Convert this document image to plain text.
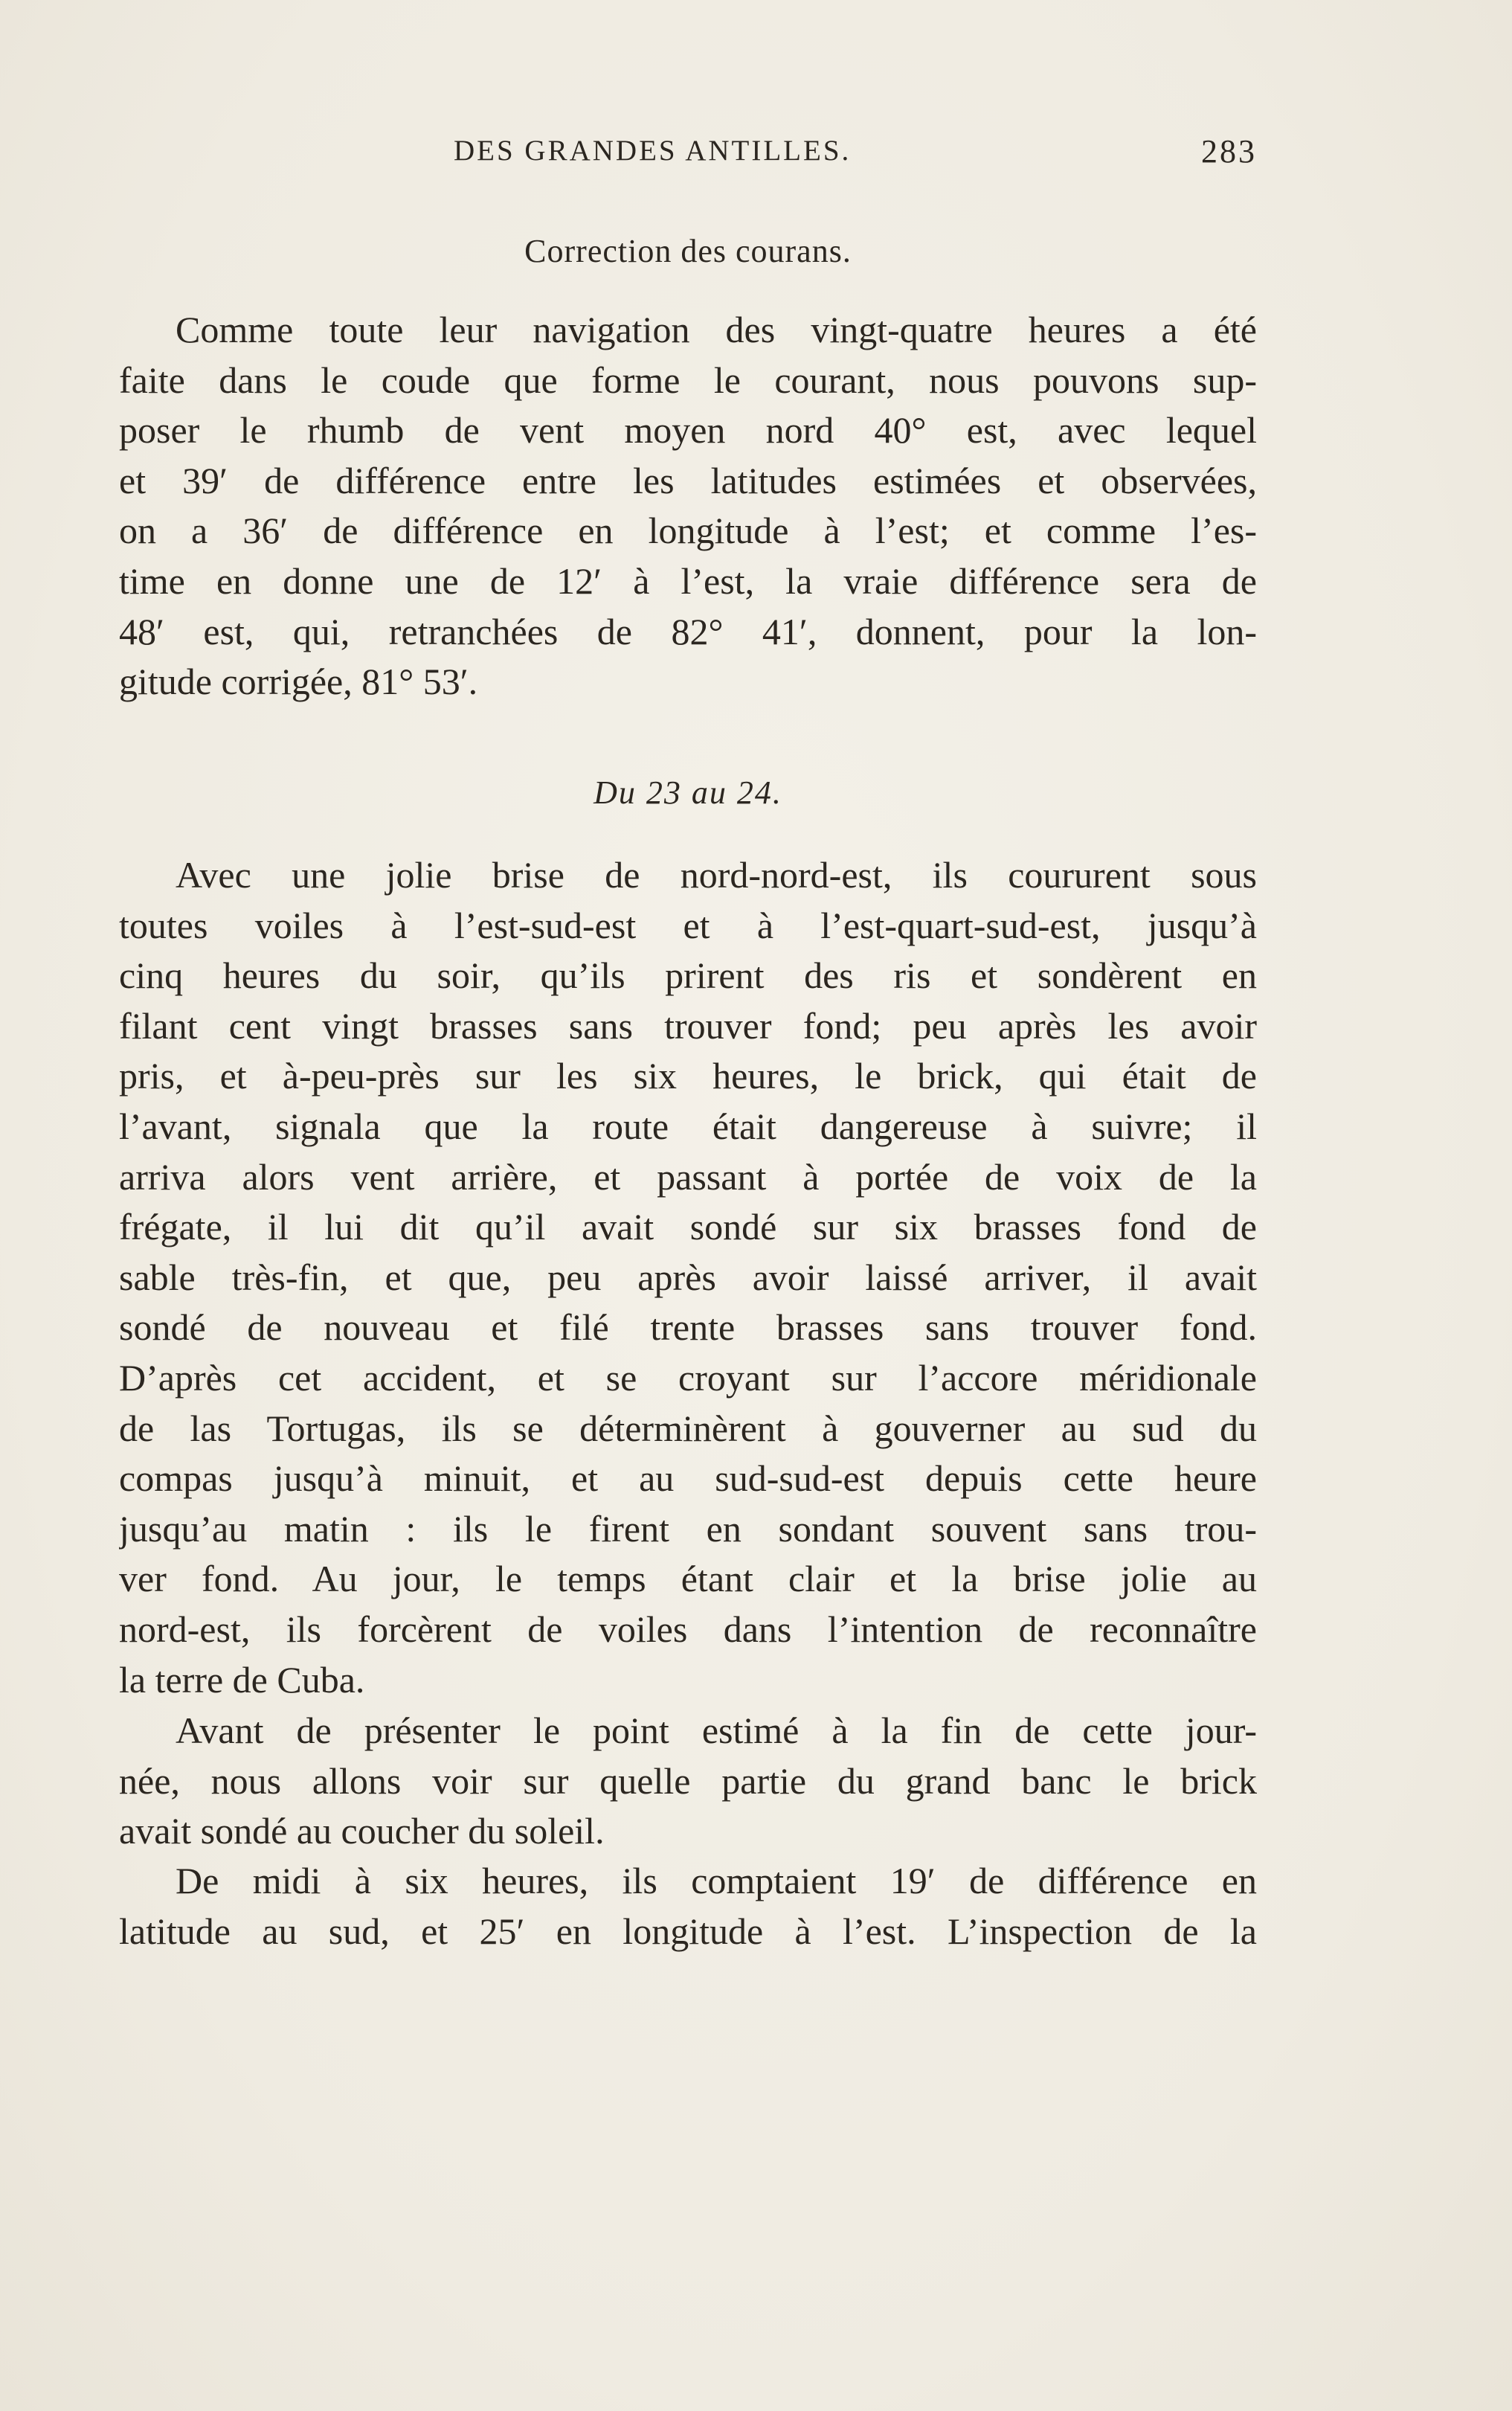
DES GRANDES ANTILLES.	283
Correction des courans.
Comme toute leur navigation des vingt-quatre heures a été
faite dans le coude que forme le courant, nous pouvons sup-
poser le rhumb de vent moyen nord 40° est, avec lequel
et 39′ de différence entre les latitudes estimées et observées,
on a 36′ de différence en longitude à l’est; et comme l’es-
time en donne une de 12′ à l’est, la vraie différence sera de
48′ est, qui, retranchées de 82° 41′, donnent, pour la lon-
gitude corrigée, 81° 53′.
Du 23 au 24.
Avec une jolie brise de nord-nord-est, ils coururent sous
toutes voiles à l’est-sud-est et à l’est-quart-sud-est, jusqu’à
cinq heures du soir, qu’ils prirent des ris et sondèrent en
filant cent vingt brasses sans trouver fond; peu après les avoir
pris, et à-peu-près sur les six heures, le brick, qui était de
l’avant, signala que la route était dangereuse à suivre; il
arriva alors vent arrière, et passant à portée de voix de la
frégate, il lui dit qu’il avait sondé sur six brasses fond de
sable très-fin, et que, peu après avoir laissé arriver, il avait
sondé de nouveau et filé trente brasses sans trouver fond.
D’après cet accident, et se croyant sur l’accore méridionale
de las Tortugas, ils se déterminèrent à gouverner au sud du
compas jusqu’à minuit, et au sud-sud-est depuis cette heure
jusqu’au matin : ils le firent en sondant souvent sans trou-
ver fond. Au jour, le temps étant clair et la brise jolie au
nord-est, ils forcèrent de voiles dans l’intention de reconnaître
la terre de Cuba.
Avant de présenter le point estimé à la fin de cette jour-
née, nous allons voir sur quelle partie du grand banc le brick
avait sondé au coucher du soleil.
De midi à six heures, ils comptaient 19′ de différence en
latitude au sud, et 25′ en longitude à l’est. L’inspection de la
